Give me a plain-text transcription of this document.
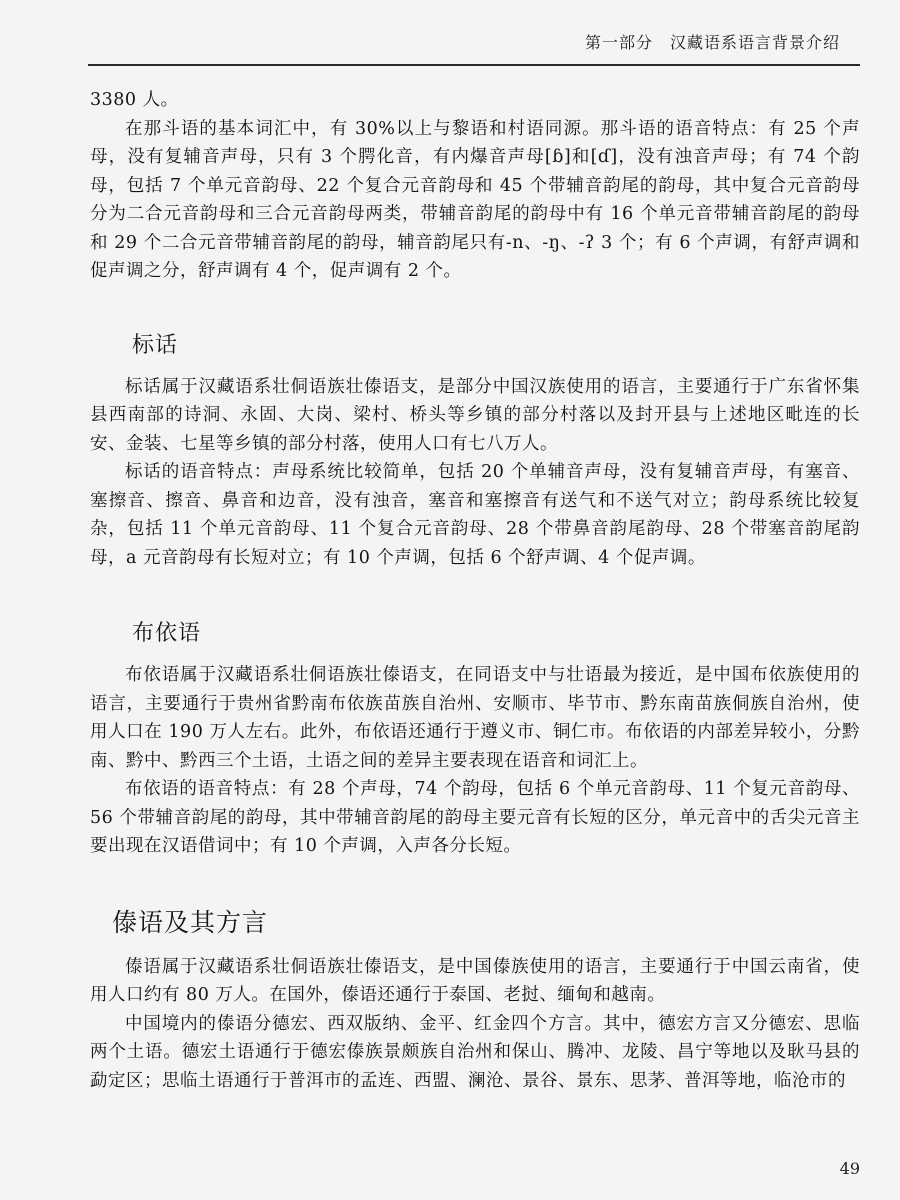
第一部分　汉藏语系语言背景介绍

3380 人。

在那斗语的基本词汇中，有 30%以上与黎语和村语同源。那斗语的语音特点：有 25 个声母，没有复辅音声母，只有 3 个腭化音，有内爆音声母[ɓ]和[ɗ]，没有浊音声母；有 74 个韵母，包括 7 个单元音韵母、22 个复合元音韵母和 45 个带辅音韵尾的韵母，其中复合元音韵母分为二合元音韵母和三合元音韵母两类，带辅音韵尾的韵母中有 16 个单元音带辅音韵尾的韵母和 29 个二合元音带辅音韵尾的韵母，辅音韵尾只有-n、-ŋ、-ʔ 3 个；有 6 个声调，有舒声调和促声调之分，舒声调有 4 个，促声调有 2 个。

标话

标话属于汉藏语系壮侗语族壮傣语支，是部分中国汉族使用的语言，主要通行于广东省怀集县西南部的诗洞、永固、大岗、梁村、桥头等乡镇的部分村落以及封开县与上述地区毗连的长安、金装、七星等乡镇的部分村落，使用人口有七八万人。

标话的语音特点：声母系统比较简单，包括 20 个单辅音声母，没有复辅音声母，有塞音、塞擦音、擦音、鼻音和边音，没有浊音，塞音和塞擦音有送气和不送气对立；韵母系统比较复杂，包括 11 个单元音韵母、11 个复合元音韵母、28 个带鼻音韵尾韵母、28 个带塞音韵尾韵母，a 元音韵母有长短对立；有 10 个声调，包括 6 个舒声调、4 个促声调。

布依语

布依语属于汉藏语系壮侗语族壮傣语支，在同语支中与壮语最为接近，是中国布依族使用的语言，主要通行于贵州省黔南布依族苗族自治州、安顺市、毕节市、黔东南苗族侗族自治州，使用人口在 190 万人左右。此外，布依语还通行于遵义市、铜仁市。布依语的内部差异较小，分黔南、黔中、黔西三个土语，土语之间的差异主要表现在语音和词汇上。

布依语的语音特点：有 28 个声母，74 个韵母，包括 6 个单元音韵母、11 个复元音韵母、56 个带辅音韵尾的韵母，其中带辅音韵尾的韵母主要元音有长短的区分，单元音中的舌尖元音主要出现在汉语借词中；有 10 个声调，入声各分长短。

傣语及其方言

傣语属于汉藏语系壮侗语族壮傣语支，是中国傣族使用的语言，主要通行于中国云南省，使用人口约有 80 万人。在国外，傣语还通行于泰国、老挝、缅甸和越南。

中国境内的傣语分德宏、西双版纳、金平、红金四个方言。其中，德宏方言又分德宏、思临两个土语。德宏土语通行于德宏傣族景颇族自治州和保山、腾冲、龙陵、昌宁等地以及耿马县的勐定区；思临土语通行于普洱市的孟连、西盟、澜沧、景谷、景东、思茅、普洱等地，临沧市的

49
